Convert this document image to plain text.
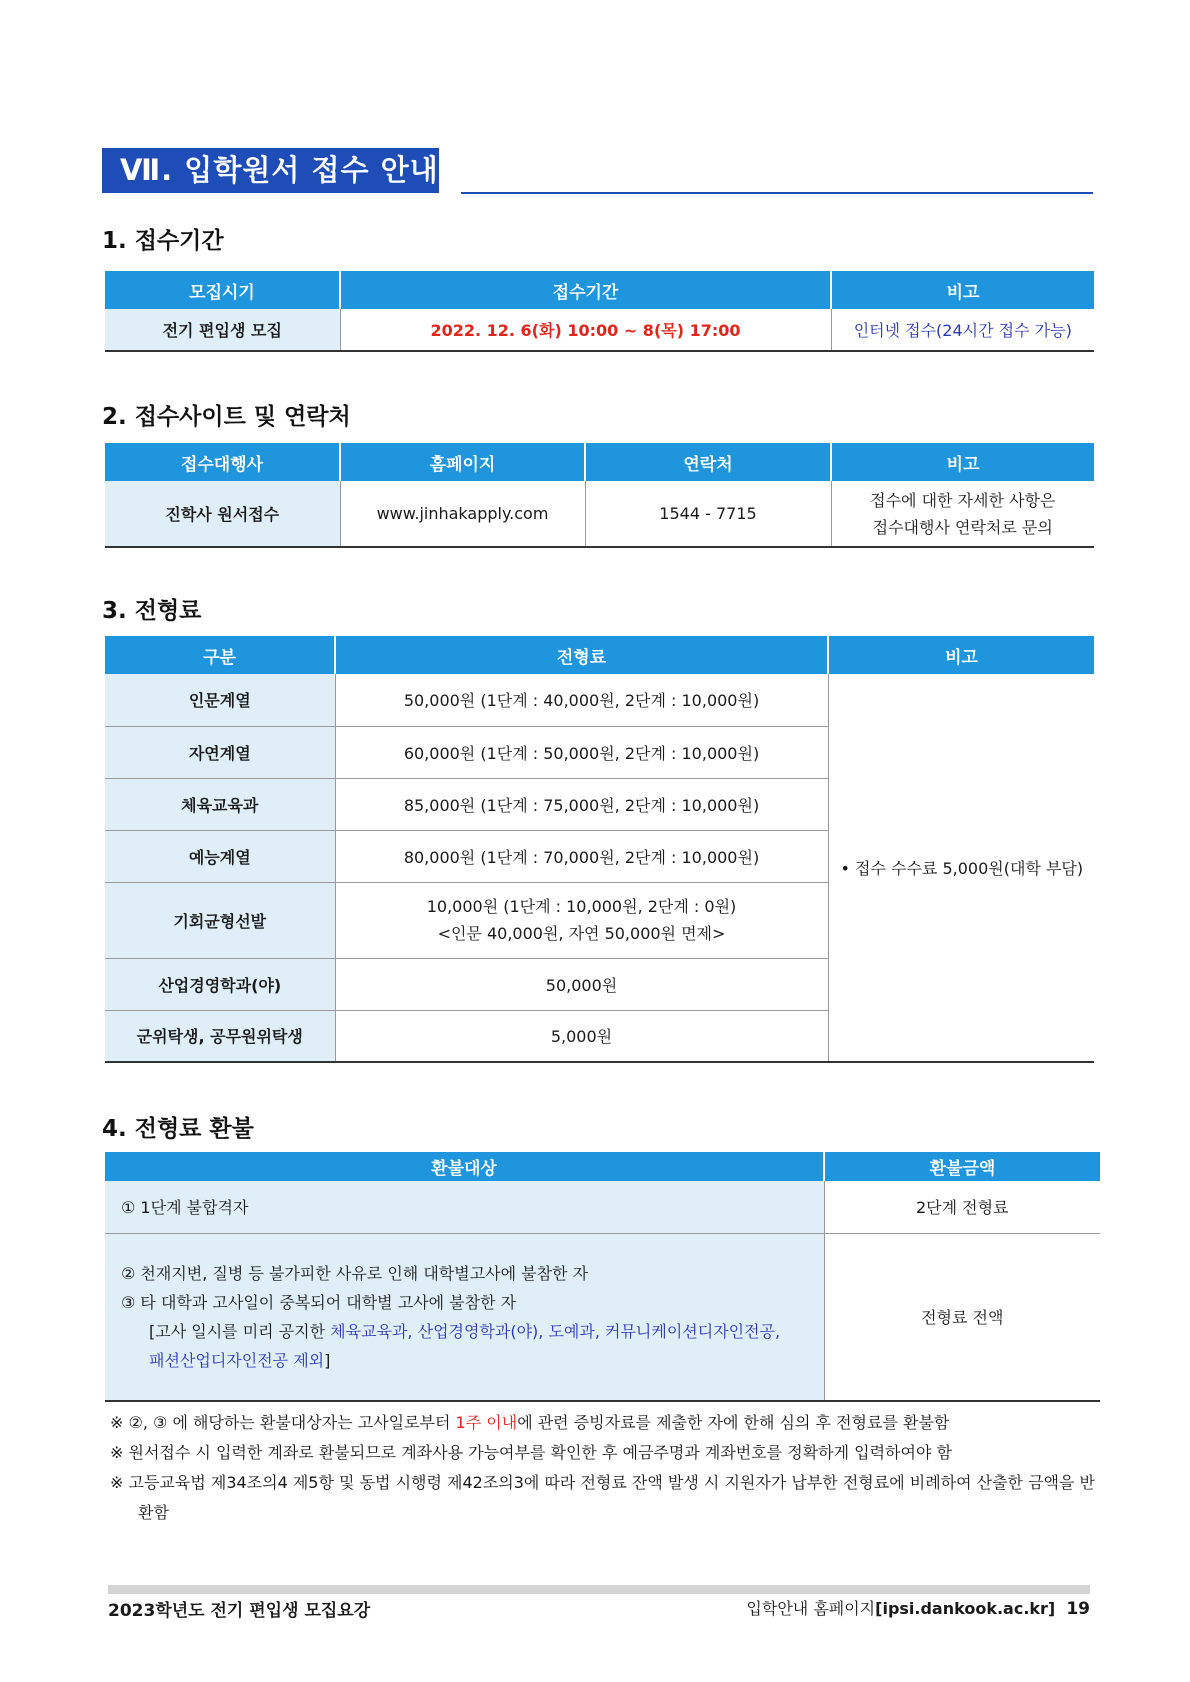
Ⅶ. 입학원서 접수 안내
1. 접수기간
모집시기	접수기간	비고
전기 편입생 모집	2022. 12. 6(화) 10:00 ~ 8(목) 17:00	인터넷 접수(24시간 접수 가능)
2. 접수사이트 및 연락처
접수대행사	홈페이지	연락처	비고
진학사 원서접수	www.jinhakapply.com	1544 - 7715	접수에 대한 자세한 사항은
접수대행사 연락처로 문의
3. 전형료
구분	전형료	비고
인문계열	50,000원 (1단계 : 40,000원, 2단계 : 10,000원)	• 접수 수수료 5,000원(대학 부담)
자연계열	60,000원 (1단계 : 50,000원, 2단계 : 10,000원)	
체육교육과	85,000원 (1단계 : 75,000원, 2단계 : 10,000원)	
예능계열	80,000원 (1단계 : 70,000원, 2단계 : 10,000원)	
기회균형선발	10,000원 (1단계 : 10,000원, 2단계 : 0원)
<인문 40,000원, 자연 50,000원 면제>	

산업경영학과(야)	50,000원	
군위탁생, 공무원위탁생	5,000원	
4. 전형료 환불
환불대상	환불금액
① 1단계 불합격자	2단계 전형료

② 천재지변, 질병 등 불가피한 사유로 인해 대학별고사에 불참한 자
③ 타 대학과 고사일이 중복되어 대학별 고사에 불참한 자
[고사 일시를 미리 공지한 체육교육과, 산업경영학과(야), 도예과, 커뮤니케이션디자인전공,
패션산업디자인전공 제외]	전형료 전액
※ ②, ③ 에 해당하는 환불대상자는 고사일로부터 1주 이내에 관련 증빙자료를 제출한 자에 한해 심의 후 전형료를 환불함
※ 원서접수 시 입력한 계좌로 환불되므로 계좌사용 가능여부를 확인한 후 예금주명과 계좌번호를 정확하게 입력하여야 함
※ 고등교육법 제34조의4 제5항 및 동법 시행령 제42조의3에 따라 전형료 잔액 발생 시 지원자가 납부한 전형료에 비례하여 산출한 금액을 반환함
2023학년도 전기 편입생 모집요강	입학안내 홈페이지[ipsi.dankook.ac.kr] 19
